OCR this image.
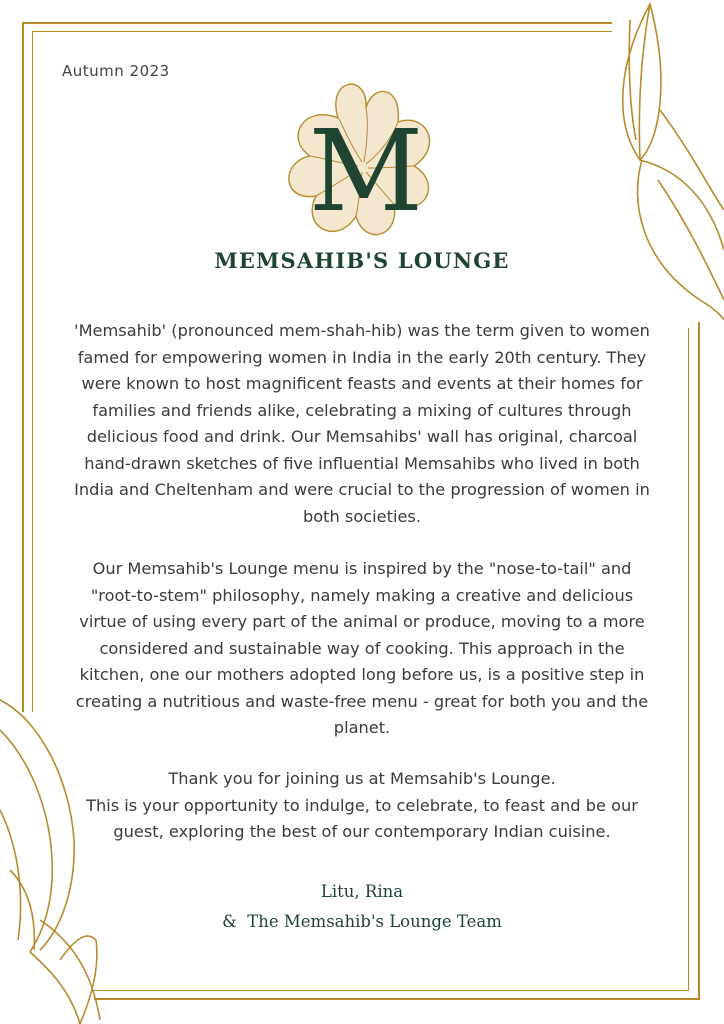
Autumn 2023
M
MEMSAHIB'S LOUNGE
'Memsahib' (pronounced mem-shah-hib) was the term given to women famed for empowering women in India in the early 20th century. They were known to host magnificent feasts and events at their homes for families and friends alike, celebrating a mixing of cultures through delicious food and drink. Our Memsahibs' wall has original, charcoal hand-drawn sketches of five influential Memsahibs who lived in both India and Cheltenham and were crucial to the progression of women in both societies.
Our Memsahib's Lounge menu is inspired by the "nose-to-tail" and "root-to-stem" philosophy, namely making a creative and delicious virtue of using every part of the animal or produce, moving to a more considered and sustainable way of cooking. This approach in the kitchen, one our mothers adopted long before us, is a positive step in creating a nutritious and waste-free menu - great for both you and the planet.
Thank you for joining us at Memsahib's Lounge.
This is your opportunity to indulge, to celebrate, to feast and be our guest, exploring the best of our contemporary Indian cuisine.
Litu, Rina
&  The Memsahib's Lounge Team
